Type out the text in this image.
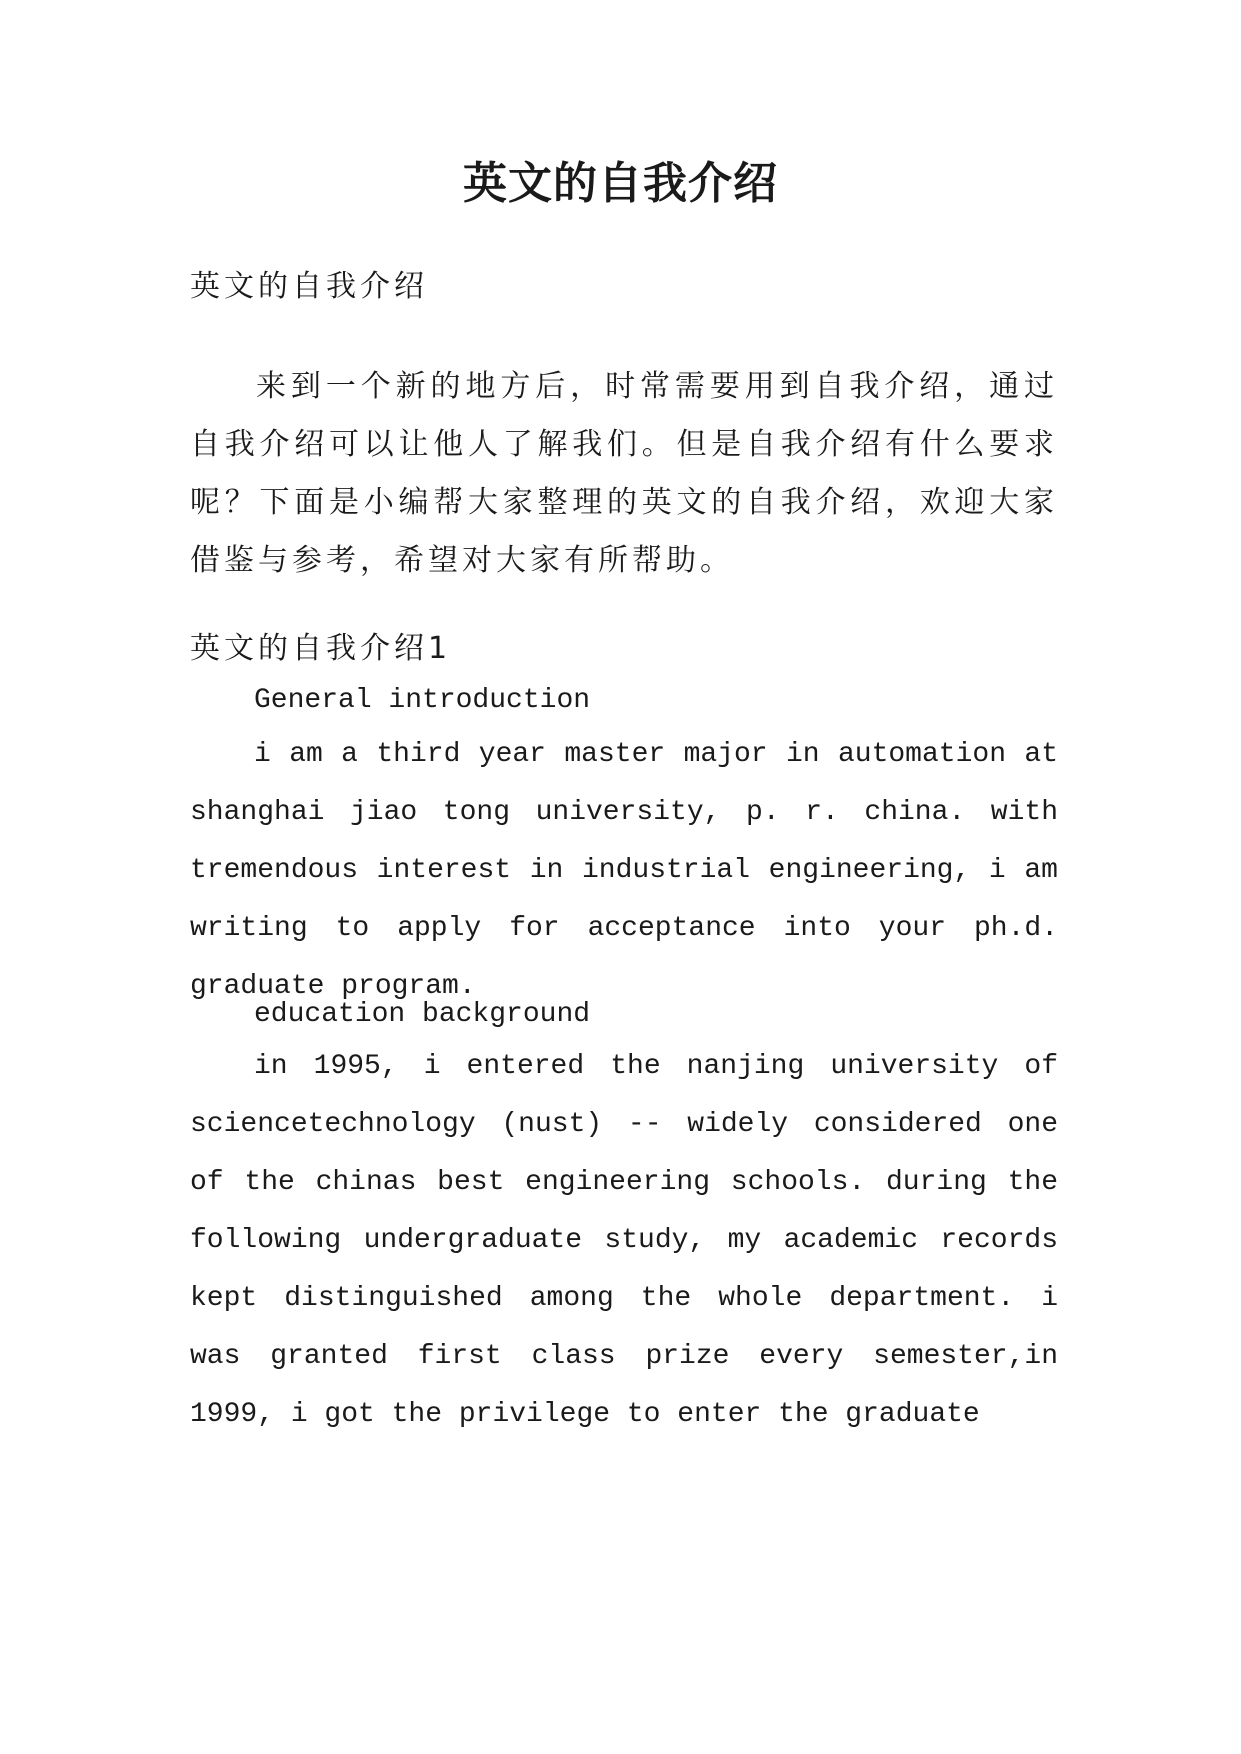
英文的自我介绍

英文的自我介绍

来到一个新的地方后，时常需要用到自我介绍，通过自我介绍可以让他人了解我们。但是自我介绍有什么要求呢？下面是小编帮大家整理的英文的自我介绍，欢迎大家借鉴与参考，希望对大家有所帮助。

英文的自我介绍1

General introduction

i am a third year master major in automation at shanghai jiao tong university, p. r. china. with tremendous interest in industrial engineering, i am writing to apply for acceptance into your ph.d. graduate program.

education background

in 1995, i entered the nanjing university of sciencetechnology (nust) -- widely considered one of the chinas best engineering schools. during the following undergraduate study, my academic records kept distinguished among the whole department. i was granted first class prize every semester,in 1999, i got the privilege to enter the graduate
